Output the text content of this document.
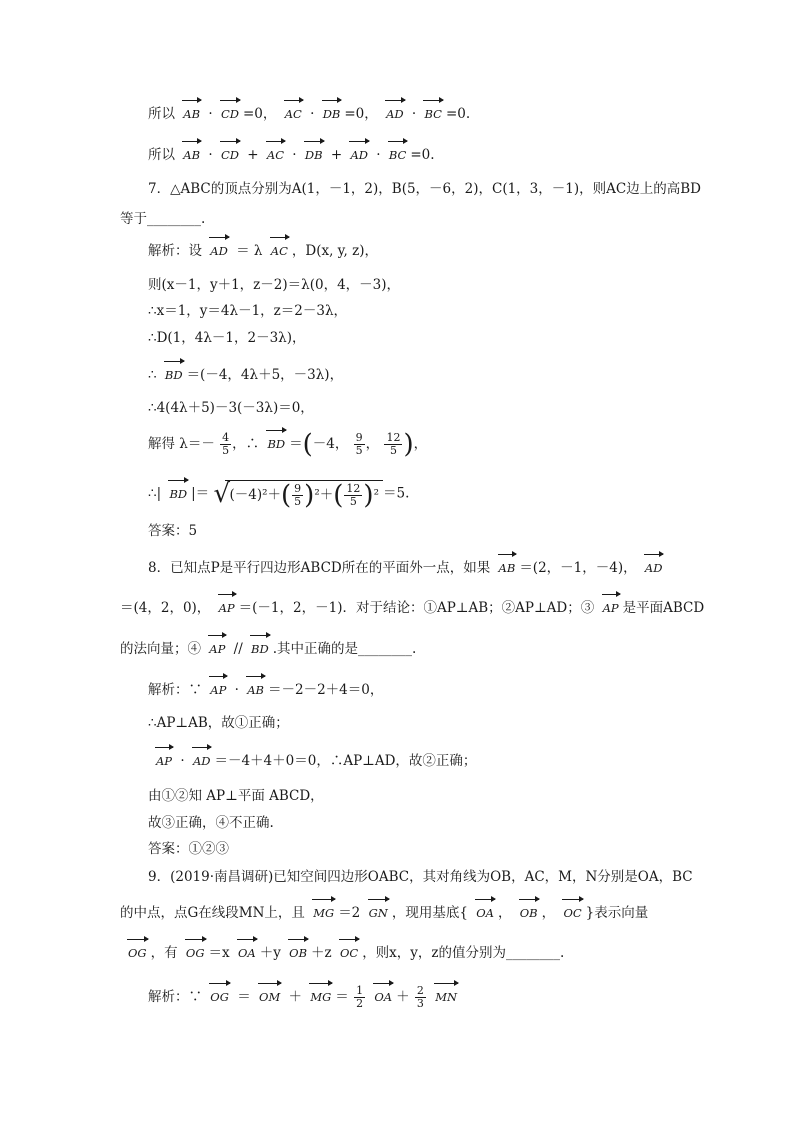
所以 AB · CD =0， AC · DB =0， AD · BC =0.
所以 AB · CD + AC · DB + AD · BC =0.
7．△ABC的顶点分别为A(1，－1，2)，B(5，－6，2)，C(1，3，－1)，则AC边上的高BD
等于________.
解析：设 AD ＝ λ AC ，D(x, y, z)，
则(x－1，y＋1，z－2)＝λ(0，4，－3)，
∴x＝1，y＝4λ－1，z＝2－3λ，
∴D(1，4λ－1，2－3λ)，
∴ BD ＝(－4，4λ＋5，－3λ)，
∴4(4λ＋5)－3(－3λ)＝0，
解得 $\lambda=- \frac{4}{5}$ ，∴ BD ＝(－4， $\frac{9}{5}$ ， $\frac{12}{5}$ )，
∴| BD |＝ √ $(-4)^2+( \frac{9}{5} )^2+( \frac{12}{5} )^2 =5$.
答案：5
8．已知点P是平行四边形ABCD所在的平面外一点，如果 AB ＝(2，－1，－4)， AD
＝(4，2，0)， AP ＝(－1，2，－1)．对于结论：①AP⊥AB；②AP⊥AD；③ AP 是平面ABCD
的法向量；④ AP // BD .其中正确的是________.
解析：∵ AP · AB ＝－2－2＋4＝0，
∴AP⊥AB，故①正确；
AP · AD ＝－4＋4＋0＝0，∴AP⊥AD，故②正确；
由①②知 AP⊥平面 ABCD，
故③正确，④不正确.
答案：①②③
9．(2019·南昌调研)已知空间四边形OABC，其对角线为OB，AC，M，N分别是OA，BC
的中点，点G在线段MN上，且 MG ＝2 GN ，现用基底{ OA ， OB ， OC }表示向量
OG ，有 OG ＝x OA ＋y OB ＋z OC ，则x，y，z的值分别为________.
解析：∵ OG ＝ OM ＋ MG ＝ $\frac{1}{2}$ OA ＋ $\frac{2}{3}$ MN
